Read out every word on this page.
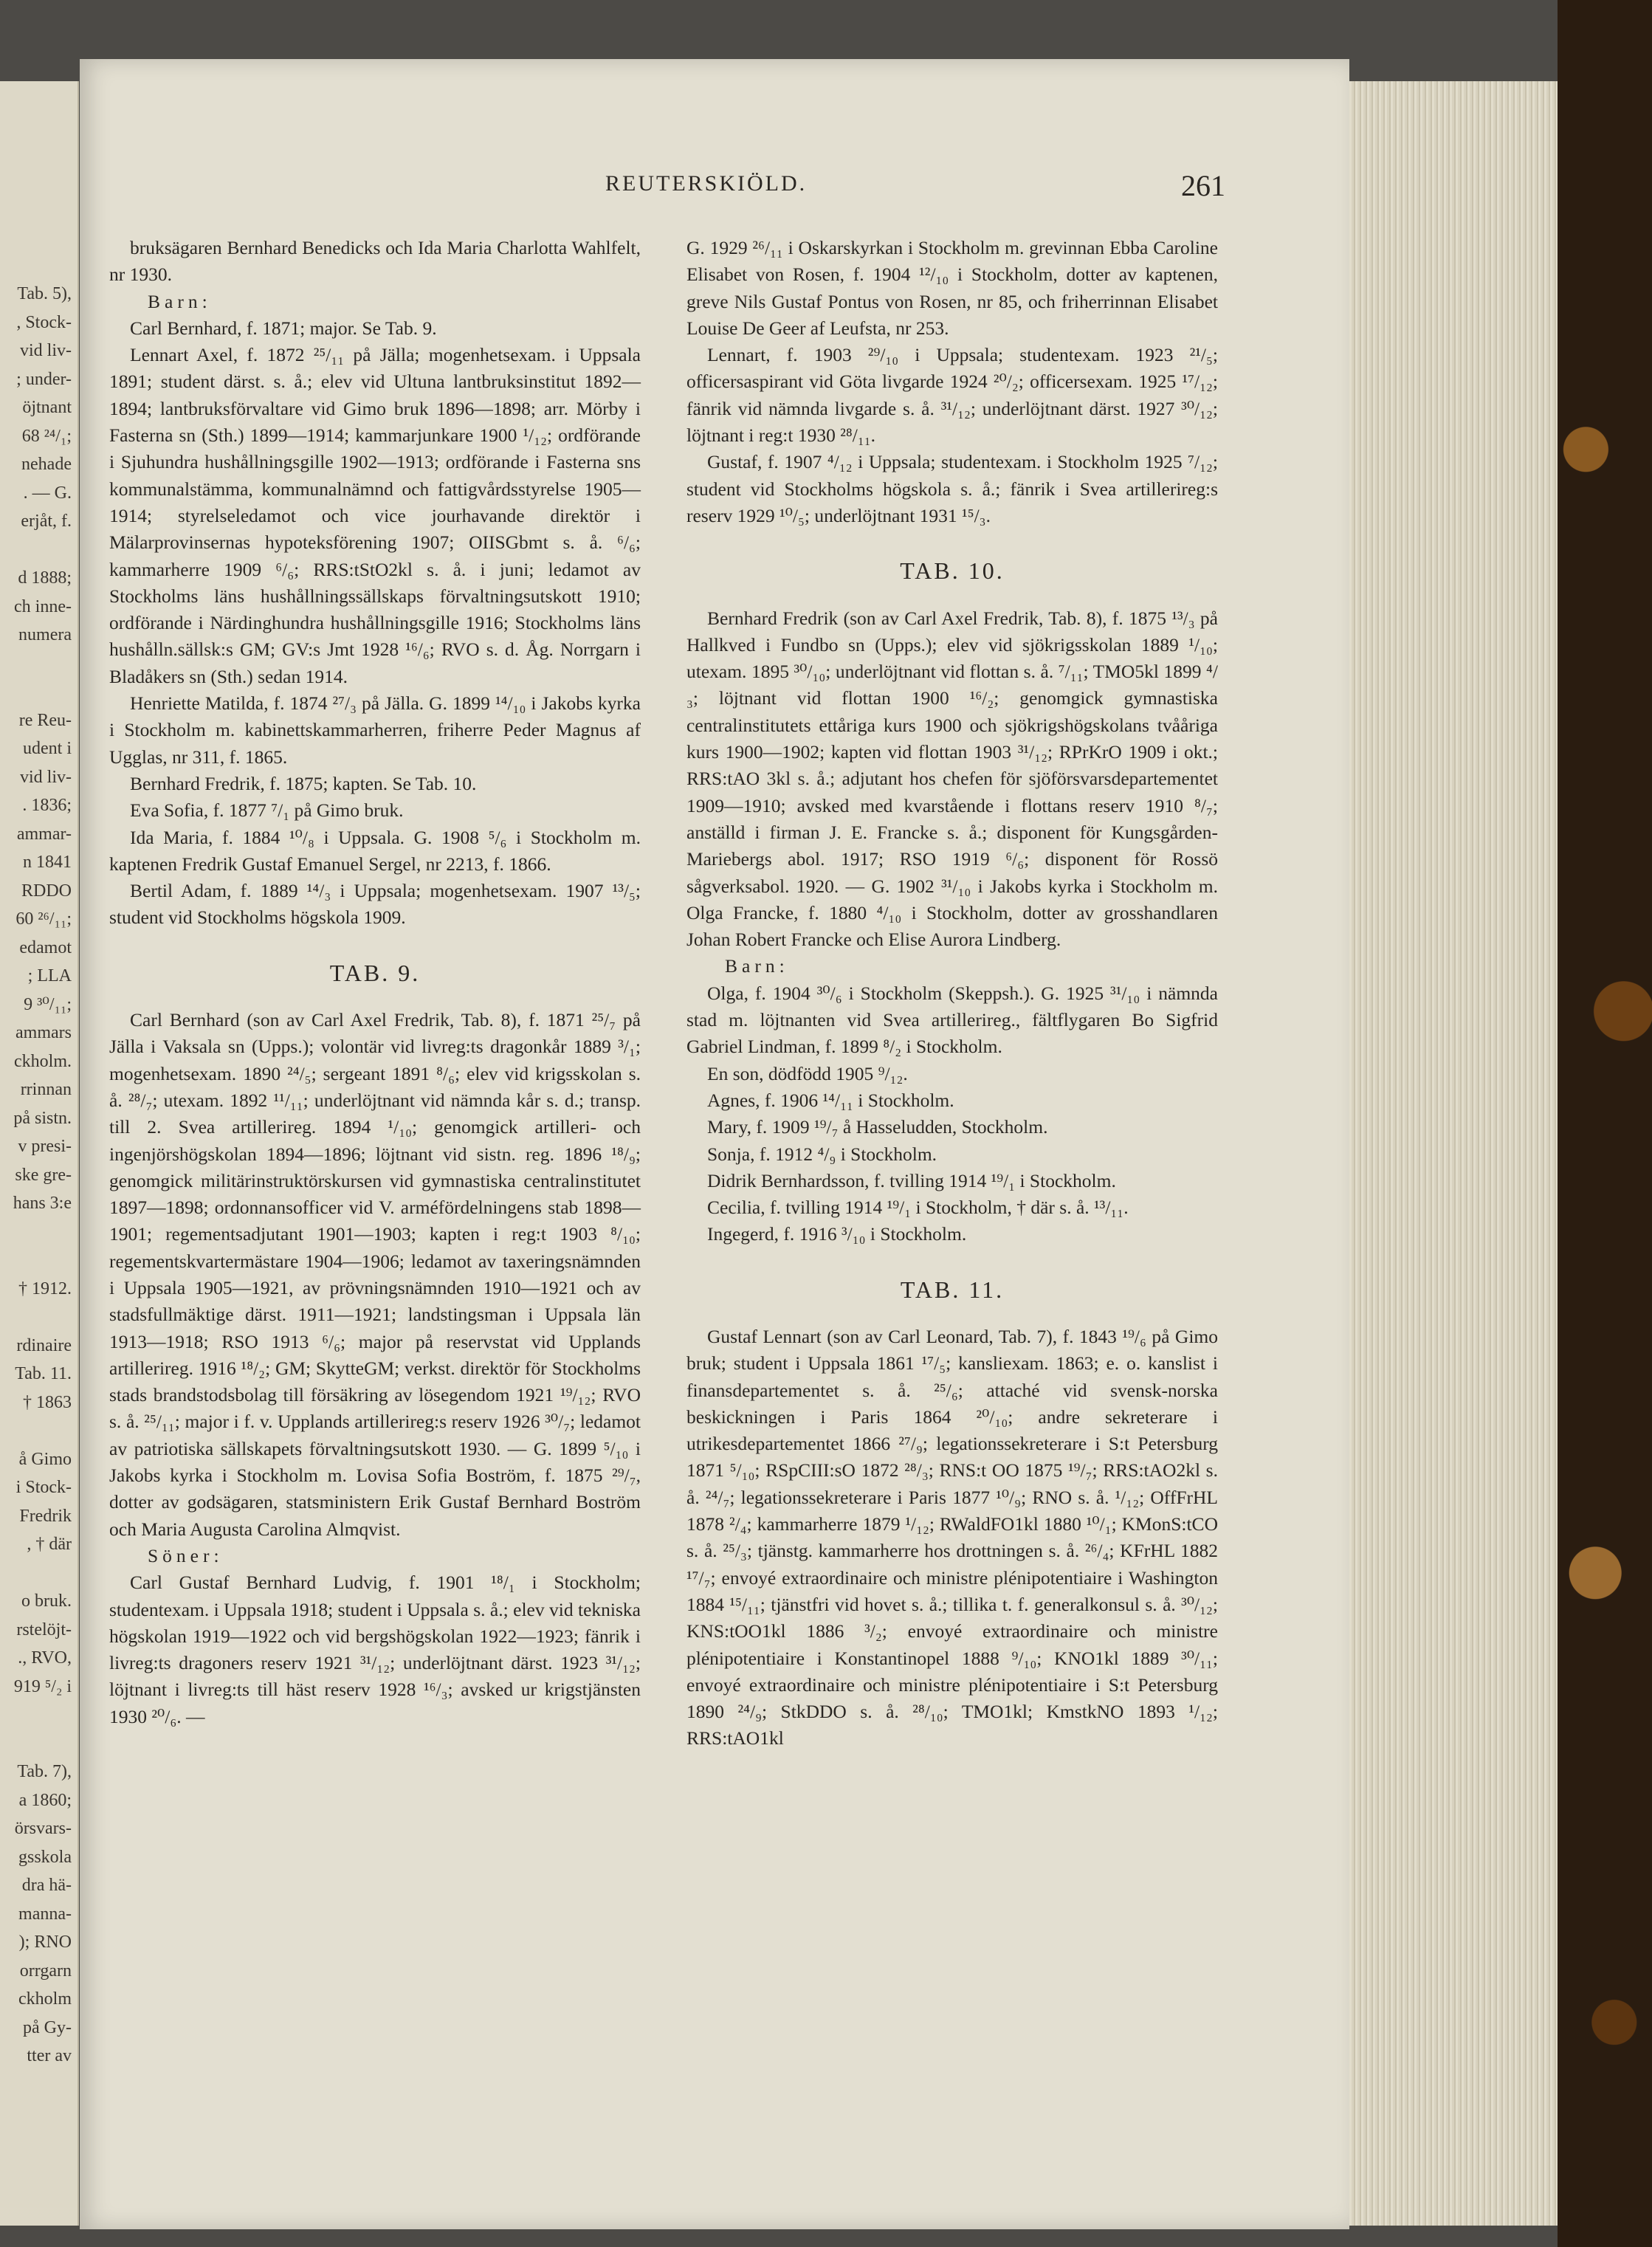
Tab. 5),
, Stock-
vid liv-
; under-
öjtnant
68 ²⁴/₁;
nehade
. — G.
erjåt, f.
d 1888;
ch inne-
numera
re Reu-
udent i
vid liv-
. 1836;
ammar-
n 1841
RDDO
60 ²⁶/₁₁;
edamot
; LLA
9 ³⁰/₁₁;
ammars
ckholm.
rrinnan
på sistn.
v presi-
ske gre-
hans 3:e
† 1912.
rdinaire
Tab. 11.
† 1863
å Gimo
i Stock-
Fredrik
, † där
o bruk.
rstelöjt-
., RVO,
919 ⁵/₂ i
Tab. 7),
a 1860;
örsvars-
gsskola
dra hä-
manna-
); RNO
orrgarn
ckholm
på Gy-
tter av
REUTERSKIÖLD.	261

bruksägaren Bernhard Benedicks och Ida Maria Charlotta Wahlfelt, nr 1930.

Barn:

Carl Bernhard, f. 1871; major. Se Tab. 9.

Lennart Axel, f. 1872 ²⁵/₁₁ på Jälla; mogenhetsexam. i Uppsala 1891; student därst. s. å.; elev vid Ultuna lantbruksinstitut 1892—1894; lantbruksförvaltare vid Gimo bruk 1896—1898; arr. Mörby i Fasterna sn (Sth.) 1899—1914; kammarjunkare 1900 ¹/₁₂; ordförande i Sjuhundra hushållningsgille 1902—1913; ordförande i Fasterna sns kommunalstämma, kommunalnämnd och fattigvårdsstyrelse 1905—1914; styrelseledamot och vice jourhavande direktör i Mälarprovinsernas hypoteksförening 1907; OIISGbmt s. å. ⁶/₆; kammarherre 1909 ⁶/₆; RRS:tStO2kl s. å. i juni; ledamot av Stockholms läns hushållningssällskaps förvaltningsutskott 1910; ordförande i Närdinghundra hushållningsgille 1916; Stockholms läns hushålln.sällsk:s GM; GV:s Jmt 1928 ¹⁶/₆; RVO s. d. Åg. Norrgarn i Bladåkers sn (Sth.) sedan 1914.

Henriette Matilda, f. 1874 ²⁷/₃ på Jälla. G. 1899 ¹⁴/₁₀ i Jakobs kyrka i Stockholm m. kabinettskammarherren, friherre Peder Magnus af Ugglas, nr 311, f. 1865.

Bernhard Fredrik, f. 1875; kapten. Se Tab. 10.

Eva Sofia, f. 1877 ⁷/₁ på Gimo bruk.

Ida Maria, f. 1884 ¹⁰/₈ i Uppsala. G. 1908 ⁵/₆ i Stockholm m. kaptenen Fredrik Gustaf Emanuel Sergel, nr 2213, f. 1866.

Bertil Adam, f. 1889 ¹⁴/₃ i Uppsala; mogenhetsexam. 1907 ¹³/₅; student vid Stockholms högskola 1909.

TAB. 9.

Carl Bernhard (son av Carl Axel Fredrik, Tab. 8), f. 1871 ²⁵/₇ på Jälla i Vaksala sn (Upps.); volontär vid livreg:ts dragonkår 1889 ³/₁; mogenhetsexam. 1890 ²⁴/₅; sergeant 1891 ⁸/₆; elev vid krigsskolan s. å. ²⁸/₇; utexam. 1892 ¹¹/₁₁; underlöjtnant vid nämnda kår s. d.; transp. till 2. Svea artillerireg. 1894 ¹/₁₀; genomgick artilleri- och ingenjörshögskolan 1894—1896; löjtnant vid sistn. reg. 1896 ¹⁸/₉; genomgick militärinstruktörskursen vid gymnastiska centralinstitutet 1897—1898; ordonnansofficer vid V. arméfördelningens stab 1898—1901; regementsadjutant 1901—1903; kapten i reg:t 1903 ⁸/₁₀; regementskvartermästare 1904—1906; ledamot av taxeringsnämnden i Uppsala 1905—1921, av prövningsnämnden 1910—1921 och av stadsfullmäktige därst. 1911—1921; landstingsman i Uppsala län 1913—1918; RSO 1913 ⁶/₆; major på reservstat vid Upplands artillerireg. 1916 ¹⁸/₂; GM; SkytteGM; verkst. direktör för Stockholms stads brandstodsbolag till försäkring av lösegendom 1921 ¹⁹/₁₂; RVO s. å. ²⁵/₁₁; major i f. v. Upplands artillerireg:s reserv 1926 ³⁰/₇; ledamot av patriotiska sällskapets förvaltningsutskott 1930. — G. 1899 ⁵/₁₀ i Jakobs kyrka i Stockholm m. Lovisa Sofia Boström, f. 1875 ²⁹/₇, dotter av godsägaren, statsministern Erik Gustaf Bernhard Boström och Maria Augusta Carolina Almqvist.

Söner:

Carl Gustaf Bernhard Ludvig, f. 1901 ¹⁸/₁ i Stockholm; studentexam. i Uppsala 1918; student i Uppsala s. å.; elev vid tekniska högskolan 1919—1922 och vid bergshögskolan 1922—1923; fänrik i livreg:ts dragoners reserv 1921 ³¹/₁₂; underlöjtnant därst. 1923 ³¹/₁₂; löjtnant i livreg:ts till häst reserv 1928 ¹⁶/₃; avsked ur krigstjänsten 1930 ²⁰/₆. —

G. 1929 ²⁶/₁₁ i Oskarskyrkan i Stockholm m. grevinnan Ebba Caroline Elisabet von Rosen, f. 1904 ¹²/₁₀ i Stockholm, dotter av kaptenen, greve Nils Gustaf Pontus von Rosen, nr 85, och friherrinnan Elisabet Louise De Geer af Leufsta, nr 253.

Lennart, f. 1903 ²⁹/₁₀ i Uppsala; studentexam. 1923 ²¹/₅; officersaspirant vid Göta livgarde 1924 ²⁰/₂; officersexam. 1925 ¹⁷/₁₂; fänrik vid nämnda livgarde s. å. ³¹/₁₂; underlöjtnant därst. 1927 ³⁰/₁₂; löjtnant i reg:t 1930 ²⁸/₁₁.

Gustaf, f. 1907 ⁴/₁₂ i Uppsala; studentexam. i Stockholm 1925 ⁷/₁₂; student vid Stockholms högskola s. å.; fänrik i Svea artillerireg:s reserv 1929 ¹⁰/₅; underlöjtnant 1931 ¹⁵/₃.

TAB. 10.

Bernhard Fredrik (son av Carl Axel Fredrik, Tab. 8), f. 1875 ¹³/₃ på Hallkved i Fundbo sn (Upps.); elev vid sjökrigsskolan 1889 ¹/₁₀; utexam. 1895 ³⁰/₁₀; underlöjtnant vid flottan s. å. ⁷/₁₁; TMO5kl 1899 ⁴/₃; löjtnant vid flottan 1900 ¹⁶/₂; genomgick gymnastiska centralinstitutets ettåriga kurs 1900 och sjökrigshögskolans tvååriga kurs 1900—1902; kapten vid flottan 1903 ³¹/₁₂; RPrKrO 1909 i okt.; RRS:tAO 3kl s. å.; adjutant hos chefen för sjöförsvarsdepartementet 1909—1910; avsked med kvarstående i flottans reserv 1910 ⁸/₇; anställd i firman J. E. Francke s. å.; disponent för Kungsgården-Mariebergs abol. 1917; RSO 1919 ⁶/₆; disponent för Rossö sågverksabol. 1920. — G. 1902 ³¹/₁₀ i Jakobs kyrka i Stockholm m. Olga Francke, f. 1880 ⁴/₁₀ i Stockholm, dotter av grosshandlaren Johan Robert Francke och Elise Aurora Lindberg.

Barn:

Olga, f. 1904 ³⁰/₆ i Stockholm (Skeppsh.). G. 1925 ³¹/₁₀ i nämnda stad m. löjtnanten vid Svea artillerireg., fältflygaren Bo Sigfrid Gabriel Lindman, f. 1899 ⁸/₂ i Stockholm.

En son, dödfödd 1905 ⁹/₁₂.

Agnes, f. 1906 ¹⁴/₁₁ i Stockholm.

Mary, f. 1909 ¹⁹/₇ å Hasseludden, Stockholm.

Sonja, f. 1912 ⁴/₉ i Stockholm.

Didrik Bernhardsson, f. tvilling 1914 ¹⁹/₁ i Stockholm.

Cecilia, f. tvilling 1914 ¹⁹/₁ i Stockholm, † där s. å. ¹³/₁₁.

Ingegerd, f. 1916 ³/₁₀ i Stockholm.

TAB. 11.

Gustaf Lennart (son av Carl Leonard, Tab. 7), f. 1843 ¹⁹/₆ på Gimo bruk; student i Uppsala 1861 ¹⁷/₅; kansliexam. 1863; e. o. kanslist i finansdepartementet s. å. ²⁵/₆; attaché vid svensk-norska beskickningen i Paris 1864 ²⁰/₁₀; andre sekreterare i utrikesdepartementet 1866 ²⁷/₉; legationssekreterare i S:t Petersburg 1871 ⁵/₁₀; RSpCIII:sO 1872 ²⁸/₃; RNS:t OO 1875 ¹⁹/₇; RRS:tAO2kl s. å. ²⁴/₇; legationssekreterare i Paris 1877 ¹⁰/₉; RNO s. å. ¹/₁₂; OffFrHL 1878 ²/₄; kammarherre 1879 ¹/₁₂; RWaldFO1kl 1880 ¹⁰/₁; KMonS:tCO s. å. ²⁵/₃; tjänstg. kammarherre hos drottningen s. å. ²⁶/₄; KFrHL 1882 ¹⁷/₇; envoyé extraordinaire och ministre plénipotentiaire i Washington 1884 ¹⁵/₁₁; tjänstfri vid hovet s. å.; tillika t. f. generalkonsul s. å. ³⁰/₁₂; KNS:tOO1kl 1886 ³/₂; envoyé extraordinaire och ministre plénipotentiaire i Konstantinopel 1888 ⁹/₁₀; KNO1kl 1889 ³⁰/₁₁; envoyé extraordinaire och ministre plénipotentiaire i S:t Petersburg 1890 ²⁴/₉; StkDDO s. å. ²⁸/₁₀; TMO1kl; KmstkNO 1893 ¹/₁₂; RRS:tAO1kl
